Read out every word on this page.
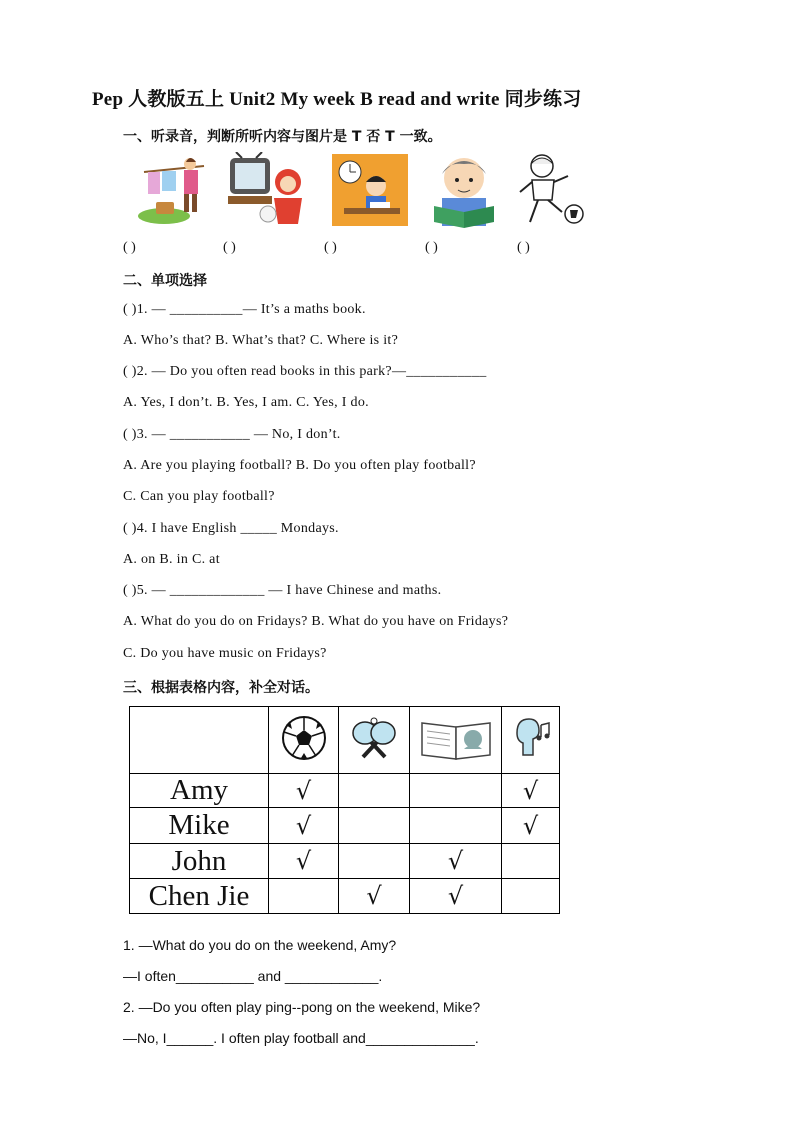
Pep 人教版五上 Unit2 My week B read and write 同步练习
一、听录音，判断所听内容与图片是 T 否 T 一致。
( )	( )	( )	( )	( )
二、单项选择
( )1. — __________— It’s a maths book.
A. Who’s that? B. What’s that? C. Where is it?
( )2. — Do you often read books in this park?—___________
A. Yes, I don’t. B. Yes, I am. C. Yes, I do.
( )3. — ___________ — No, I don’t.
A. Are you playing football? B. Do you often play football?
C. Can you play football?
( )4. I have English _____ Mondays.
A. on B. in C. at
( )5. — _____________ — I have Chinese and maths.
A. What do you do on Fridays? B. What do you have on Fridays?
C. Do you have music on Fridays?
三、根据表格内容，补全对话。

Amy	√			√
Mike	√			√
John	√		√	
Chen Jie		√	√	
1. —What do you do on the weekend, Amy?
—I often__________ and ____________.
2. —Do you often play ping--pong on the weekend, Mike?
—No, I______. I often play football and______________.
